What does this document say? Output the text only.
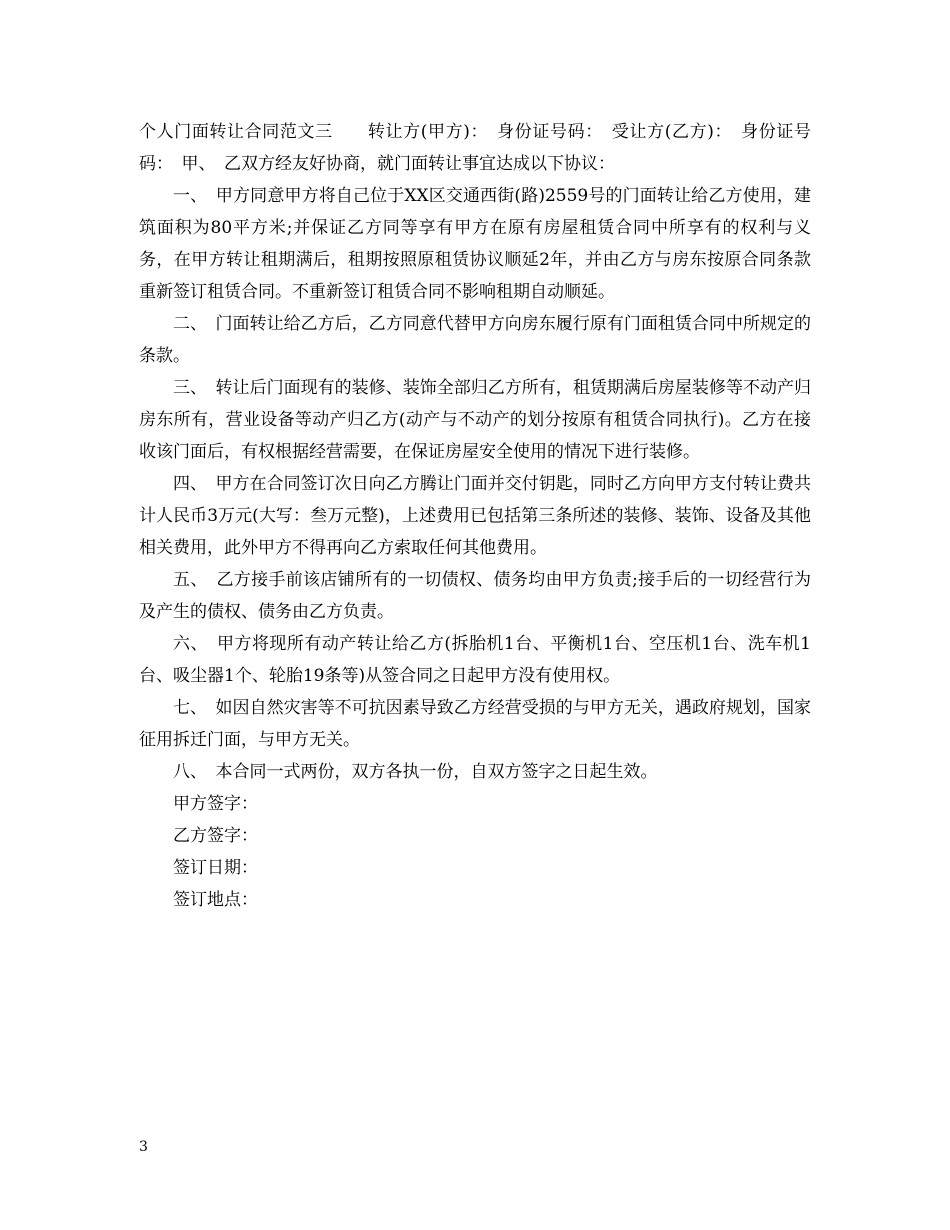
个人门面转让合同范文三　　转让方(甲方)：　身份证号码：　受让方(乙方)：　身份证号码：　甲、　乙双方经友好协商，就门面转让事宜达成以下协议：

一、　甲方同意甲方将自己位于XX区交通西街(路)2559号的门面转让给乙方使用，建筑面积为80平方米;并保证乙方同等享有甲方在原有房屋租赁合同中所享有的权利与义务，在甲方转让租期满后，租期按照原租赁协议顺延2年，并由乙方与房东按原合同条款重新签订租赁合同。不重新签订租赁合同不影响租期自动顺延。

二、　门面转让给乙方后，乙方同意代替甲方向房东履行原有门面租赁合同中所规定的条款。

三、　转让后门面现有的装修、装饰全部归乙方所有，租赁期满后房屋装修等不动产归房东所有，营业设备等动产归乙方(动产与不动产的划分按原有租赁合同执行)。乙方在接收该门面后，有权根据经营需要，在保证房屋安全使用的情况下进行装修。

四、　甲方在合同签订次日向乙方腾让门面并交付钥匙，同时乙方向甲方支付转让费共计人民币3万元(大写：叁万元整)，上述费用已包括第三条所述的装修、装饰、设备及其他相关费用，此外甲方不得再向乙方索取任何其他费用。

五、　乙方接手前该店铺所有的一切债权、债务均由甲方负责;接手后的一切经营行为及产生的债权、债务由乙方负责。

六、　甲方将现所有动产转让给乙方(拆胎机1台、平衡机1台、空压机1台、洗车机1台、吸尘器1个、轮胎19条等)从签合同之日起甲方没有使用权。

七、　如因自然灾害等不可抗因素导致乙方经营受损的与甲方无关，遇政府规划，国家征用拆迁门面，与甲方无关。

八、　本合同一式两份，双方各执一份，自双方签字之日起生效。

甲方签字：

乙方签字：

签订日期：

签订地点：

3
